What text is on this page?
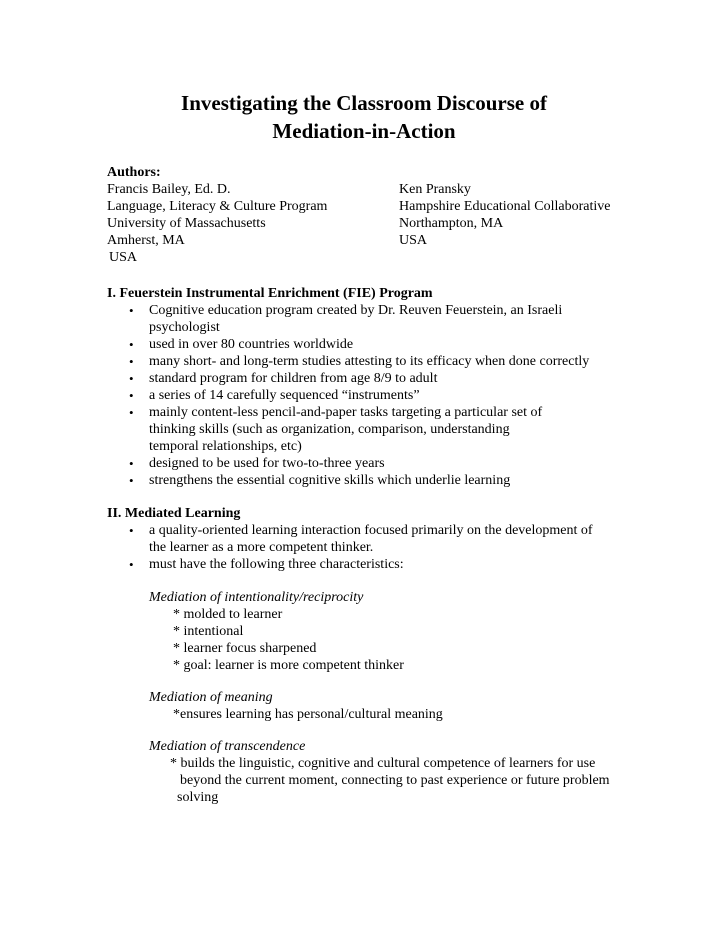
Investigating the Classroom Discourse of
Mediation-in-Action
Authors:
Francis Bailey, Ed. D.
Language, Literacy & Culture Program
University of Massachusetts
Amherst, MA
USA
Ken Pransky
Hampshire Educational Collaborative
Northampton, MA
USA
I. Feuerstein Instrumental Enrichment (FIE) Program
• Cognitive education program created by Dr. Reuven Feuerstein, an Israeli
psychologist
• used in over 80 countries worldwide
• many short- and long-term studies attesting to its efficacy when done correctly
• standard program for children from age 8/9 to adult
• a series of 14 carefully sequenced “instruments”
• mainly content-less pencil-and-paper tasks targeting a particular set of
thinking skills (such as organization, comparison, understanding
temporal relationships, etc)
• designed to be used for two-to-three years
• strengthens the essential cognitive skills which underlie learning
II. Mediated Learning
• a quality-oriented learning interaction focused primarily on the development of
the learner as a more competent thinker.
• must have the following three characteristics:
Mediation of intentionality/reciprocity
* molded to learner
* intentional
* learner focus sharpened
* goal: learner is more competent thinker
Mediation of meaning
*ensures learning has personal/cultural meaning
Mediation of transcendence
* builds the linguistic, cognitive and cultural competence of learners for use
beyond the current moment, connecting to past experience or future problem
solving
